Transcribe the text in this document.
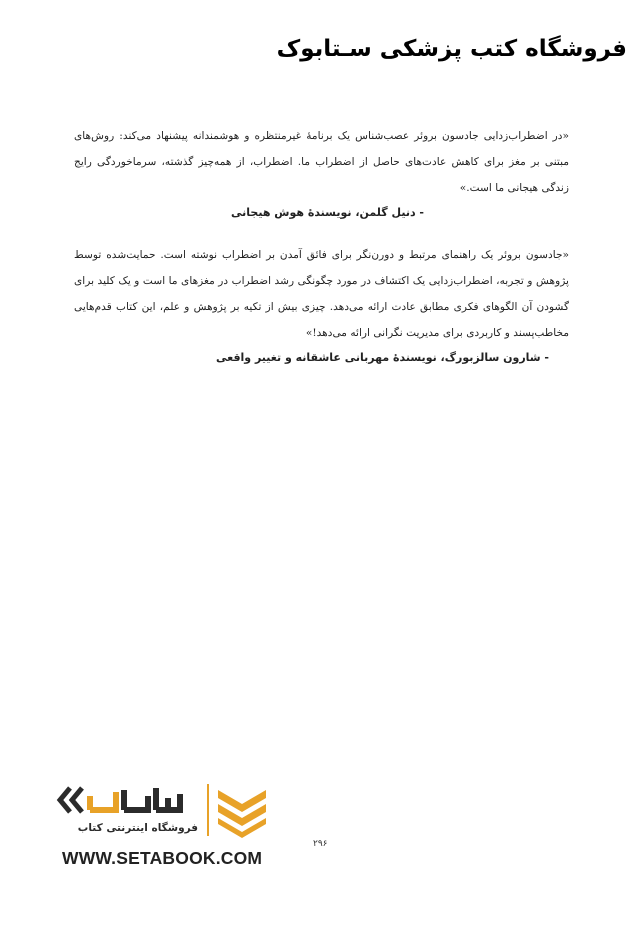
فروشگاه کتب پزشکی سـتابوک

«در اضطراب‌زدایی جادسون بروئر عصب‌شناس یک برنامهٔ غیرمنتظره و هوشمندانه پیشنهاد می‌کند: روش‌های مبتنی بر مغز برای کاهش عادت‌های حاصل از اضطراب ما. اضطراب، از همه‌چیز گذشته، سرماخوردگی رایج زندگی هیجانی ما است.»

- دنیل گلمن، نویسندهٔ هوش هیجانی

«جادسون بروئر یک راهنمای مرتبط و دورن‌نگر برای فائق آمدن بر اضطراب نوشته است. حمایت‌شده توسط پژوهش و تجربه، اضطراب‌زدایی یک اکتشاف در مورد چگونگی رشد اضطراب در مغزهای ما است و یک کلید برای گشودن آن الگوهای فکری مطابق عادت ارائه می‌دهد. چیزی بیش از تکیه بر پژوهش و علم، این کتاب قدم‌هایی مخاطب‌پسند و کاربردی برای مدیریت نگرانی ارائه می‌دهد!»

- شارون سالزبورگ، نویسندهٔ مهربانی عاشقانه و تغییر واقعی

فروشگاه اینترنتی کتاب
WWW.SETABOOK.COM
۲۹۶
